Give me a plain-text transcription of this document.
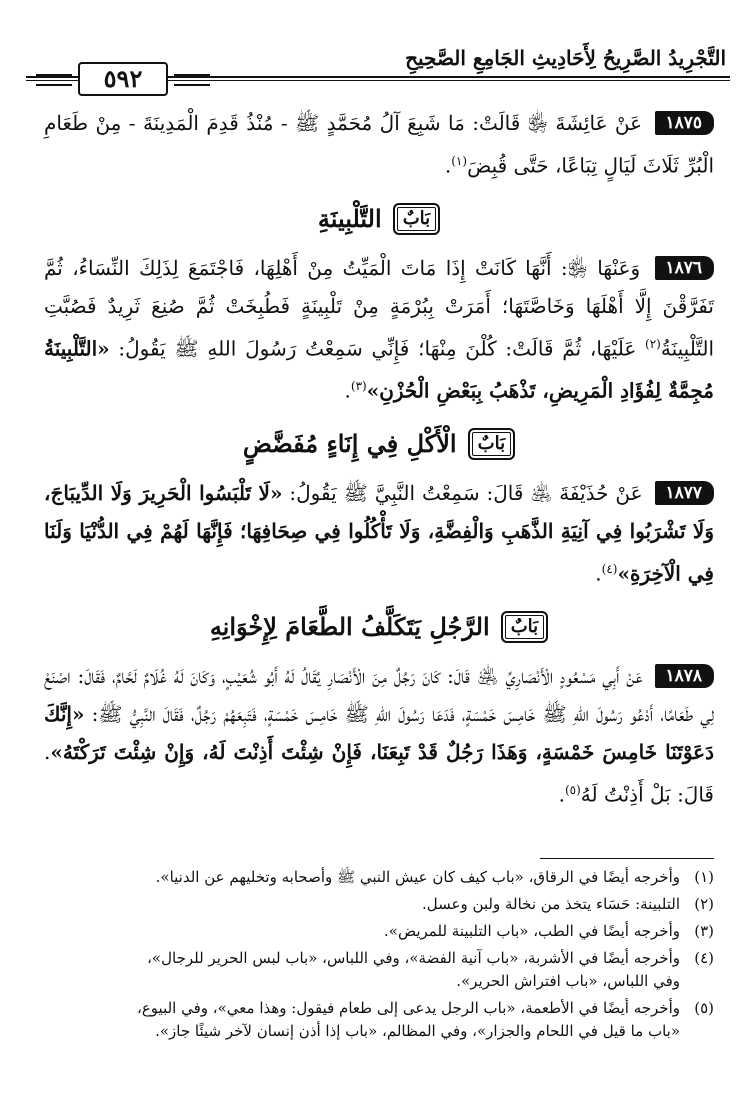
التَّجْرِيدُ الصَّرِيحُ لِأَحَادِيثِ الجَامِعِ الصَّحِيحِ
٥٩٢

١٨٧٥ عَنْ عَائِشَةَ ﵂ قَالَتْ: مَا شَبِعَ آلُ مُحَمَّدٍ ﷺ - مُنْذُ قَدِمَ الْمَدِينَةَ - مِنْ طَعَامِ الْبُرِّ ثَلَاثَ لَيَالٍ تِبَاعًا، حَتَّى قُبِضَ$^{(١)}$.

بَابٌ التَّلْبِينَةِ

١٨٧٦ وَعَنْهَا ﵂: أَنَّهَا كَانَتْ إِذَا مَاتَ الْمَيِّتُ مِنْ أَهْلِهَا، فَاجْتَمَعَ لِذَلِكَ النِّسَاءُ، ثُمَّ تَفَرَّقْنَ إِلَّا أَهْلَهَا وَخَاصَّتَهَا؛ أَمَرَتْ بِبُرْمَةٍ مِنْ تَلْبِينَةٍ فَطُبِخَتْ ثُمَّ صُنِعَ ثَرِيدٌ فَصُبَّتِ التَّلْبِينَةُ$^{(٢)}$ عَلَيْهَا، ثُمَّ قَالَتْ: كُلْنَ مِنْهَا؛ فَإِنِّي سَمِعْتُ رَسُولَ اللهِ ﷺ يَقُولُ: «التَّلْبِينَةُ مُجِمَّةٌ لِفُؤَادِ الْمَرِيضِ، تَذْهَبُ بِبَعْضِ الْحُزْنِ»$^{(٣)}$.

بَابٌ الْأَكْلِ فِي إِنَاءٍ مُفَضَّضٍ

١٨٧٧ عَنْ حُذَيْفَةَ ﵁ قَالَ: سَمِعْتُ النَّبِيَّ ﷺ يَقُولُ: «لَا تَلْبَسُوا الْحَرِيرَ وَلَا الدِّيبَاجَ، وَلَا تَشْرَبُوا فِي آنِيَةِ الذَّهَبِ وَالْفِضَّةِ، وَلَا تَأْكُلُوا فِي صِحَافِهَا؛ فَإِنَّهَا لَهُمْ فِي الدُّنْيَا وَلَنَا فِي الْآخِرَةِ»$^{(٤)}$.

بَابٌ الرَّجُلِ يَتَكَلَّفُ الطَّعَامَ لِإِخْوَانِهِ

١٨٧٨ عَنْ أَبِي مَسْعُودٍ الْأَنْصَارِيِّ ﵁ قَالَ: كَانَ رَجُلٌ مِنَ الْأَنْصَارِ يُقَالُ لَهُ أَبُو شُعَيْبٍ، وَكَانَ لَهُ غُلَامٌ لَحَّامٌ، فَقَالَ: اصْنَعْ لِي طَعَامًا، أَدْعُو رَسُولَ اللهِ ﷺ خَامِسَ خَمْسَةٍ، فَدَعَا رَسُولَ اللهِ ﷺ خَامِسَ خَمْسَةٍ، فَتَبِعَهُمْ رَجُلٌ، فَقَالَ النَّبِيُّ ﷺ: «إِنَّكَ دَعَوْتَنَا خَامِسَ خَمْسَةٍ، وَهَذَا رَجُلٌ قَدْ تَبِعَنَا، فَإِنْ شِئْتَ أَذِنْتَ لَهُ، وَإِنْ شِئْتَ تَرَكْتَهُ». قَالَ: بَلْ أَذِنْتُ لَهُ$^{(٥)}$.

(١)وأخرجه أيضًا في الرقاق، «باب كيف كان عيش النبي ﷺ وأصحابه وتخليهم عن الدنيا».
(٢)التلبينة: حَسَاء يتخذ من نخالة ولبن وعسل.
(٣)وأخرجه أيضًا في الطب، «باب التلبينة للمريض».
(٤)وأخرجه أيضًا في الأشربة، «باب آنية الفضة»، وفي اللباس، «باب لبس الحرير للرجال»،
وفي اللباس، «باب افتراش الحرير».
(٥)وأخرجه أيضًا في الأطعمة، «باب الرجل يدعى إلى طعام فيقول: وهذا معي»، وفي البيوع،
«باب ما قيل في اللحام والجزار»، وفي المظالم، «باب إذا أذن إنسان لآخر شيئًا جاز».
